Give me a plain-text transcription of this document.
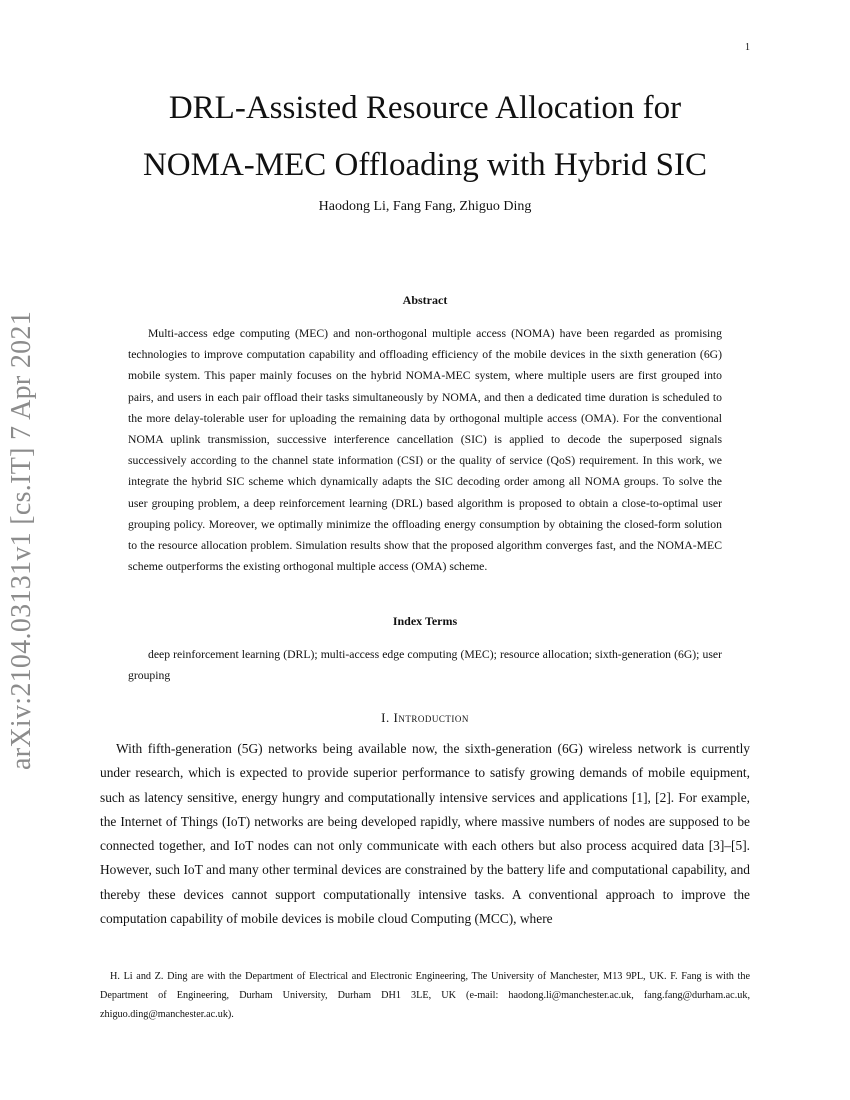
1
arXiv:2104.03131v1 [cs.IT] 7 Apr 2021
DRL-Assisted Resource Allocation for
NOMA-MEC Offloading with Hybrid SIC
Haodong Li, Fang Fang, Zhiguo Ding
Abstract

Multi-access edge computing (MEC) and non-orthogonal multiple access (NOMA) have been regarded as promising technologies to improve computation capability and offloading efficiency of the mobile devices in the sixth generation (6G) mobile system. This paper mainly focuses on the hybrid NOMA-MEC system, where multiple users are first grouped into pairs, and users in each pair offload their tasks simultaneously by NOMA, and then a dedicated time duration is scheduled to the more delay-tolerable user for uploading the remaining data by orthogonal multiple access (OMA). For the conventional NOMA uplink transmission, successive interference cancellation (SIC) is applied to decode the superposed signals successively according to the channel state information (CSI) or the quality of service (QoS) requirement. In this work, we integrate the hybrid SIC scheme which dynamically adapts the SIC decoding order among all NOMA groups. To solve the user grouping problem, a deep reinforcement learning (DRL) based algorithm is proposed to obtain a close-to-optimal user grouping policy. Moreover, we optimally minimize the offloading energy consumption by obtaining the closed-form solution to the resource allocation problem. Simulation results show that the proposed algorithm converges fast, and the NOMA-MEC scheme outperforms the existing orthogonal multiple access (OMA) scheme.

Index Terms

deep reinforcement learning (DRL); multi-access edge computing (MEC); resource allocation; sixth-generation (6G); user grouping

I. Introduction

With fifth-generation (5G) networks being available now, the sixth-generation (6G) wireless network is currently under research, which is expected to provide superior performance to satisfy growing demands of mobile equipment, such as latency sensitive, energy hungry and computationally intensive services and applications [1], [2]. For example, the Internet of Things (IoT) networks are being developed rapidly, where massive numbers of nodes are supposed to be connected together, and IoT nodes can not only communicate with each others but also process acquired data [3]–[5]. However, such IoT and many other terminal devices are constrained by the battery life and computational capability, and thereby these devices cannot support computationally intensive tasks. A conventional approach to improve the computation capability of mobile devices is mobile cloud Computing (MCC), where

H. Li and Z. Ding are with the Department of Electrical and Electronic Engineering, The University of Manchester, M13 9PL, UK. F. Fang is with the Department of Engineering, Durham University, Durham DH1 3LE, UK (e-mail: haodong.li@manchester.ac.uk, fang.fang@durham.ac.uk, zhiguo.ding@manchester.ac.uk).
